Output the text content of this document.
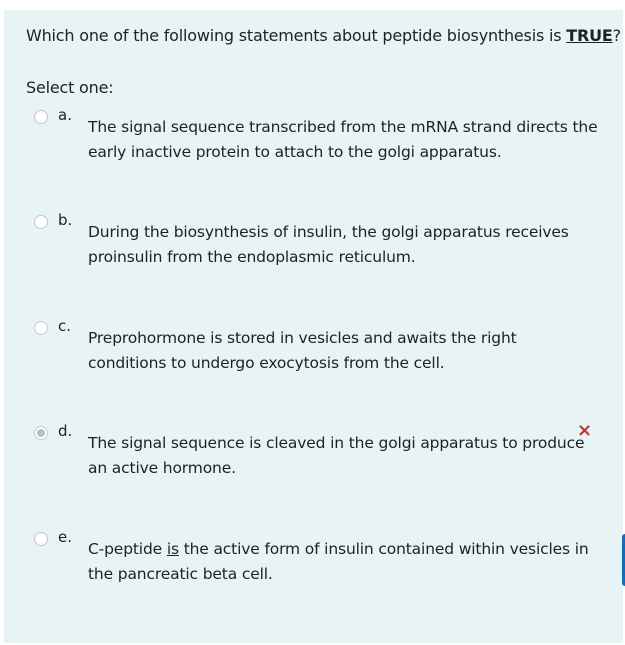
Which one of the following statements about peptide biosynthesis is TRUE?
Select one:
a.
The signal sequence transcribed from the mRNA strand directs the early inactive protein to attach to the golgi apparatus.
b.
During the biosynthesis of insulin, the golgi apparatus receives proinsulin from the endoplasmic reticulum.
c.
Preprohormone is stored in vesicles and awaits the right conditions to undergo exocytosis from the cell.
d.
The signal sequence is cleaved in the golgi apparatus to produce an active hormone.
×
e.
C-peptide is the active form of insulin contained within vesicles in the pancreatic beta cell.
